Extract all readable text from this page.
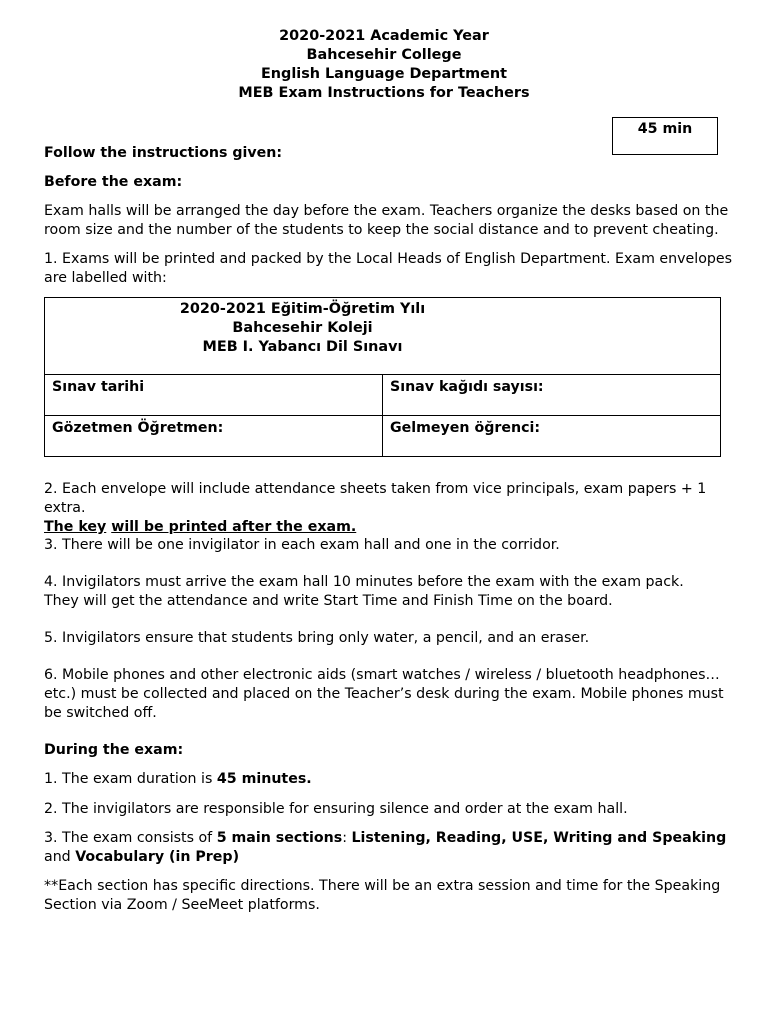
2020-2021 Academic Year
Bahcesehir College
English Language Department
MEB Exam Instructions for Teachers
45 min
Follow the instructions given:
Before the exam:
Exam halls will be arranged the day before the exam. Teachers organize the desks based on the room size and the number of the students to keep the social distance and to prevent cheating.
1. Exams will be printed and packed by the Local Heads of English Department. Exam envelopes are labelled with:
2020-2021 Eğitim-Öğretim Yılı
Bahcesehir Koleji
MEB I. Yabancı Dil Sınavı	

Sınav tarihi	Sınav kağıdı sayısı:
Gözetmen Öğretmen:	Gelmeyen öğrenci:
2. Each envelope will include attendance sheets taken from vice principals, exam papers + 1 extra.
The key will be printed after the exam.
3. There will be one invigilator in each exam hall and one in the corridor.
4. Invigilators must arrive the exam hall 10 minutes before the exam with the exam pack.
They will get the attendance and write Start Time and Finish Time on the board.
5. Invigilators ensure that students bring only water, a pencil, and an eraser.
6. Mobile phones and other electronic aids (smart watches / wireless / bluetooth headphones…etc.) must be collected and placed on the Teacher’s desk during the exam. Mobile phones must be switched off.
During the exam:
1. The exam duration is 45 minutes.
2. The invigilators are responsible for ensuring silence and order at the exam hall.
3. The exam consists of 5 main sections: Listening, Reading, USE, Writing and Speaking and Vocabulary (in Prep)
**Each section has specific directions. There will be an extra session and time for the Speaking Section via Zoom / SeeMeet platforms.
